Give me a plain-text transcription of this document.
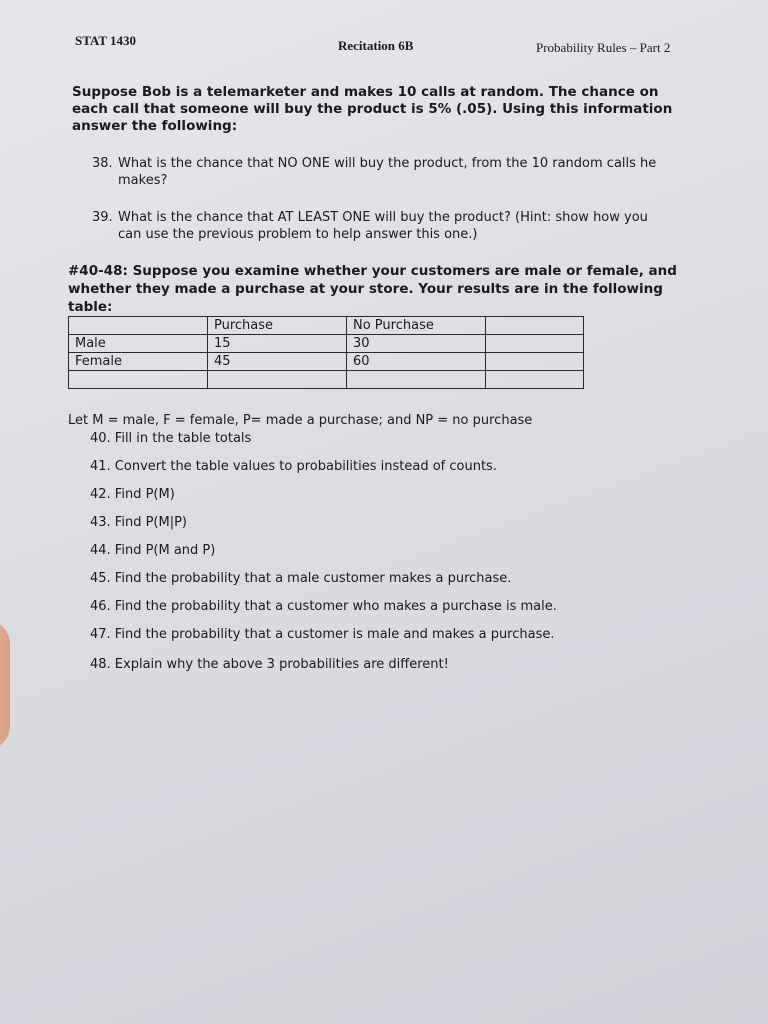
STAT 1430	Recitation 6B	Probability Rules – Part 2
Suppose Bob is a telemarketer and makes 10 calls at random. The chance on each call that someone will buy the product is 5% (.05). Using this information answer the following:
38. What is the chance that NO ONE will buy the product, from the 10 random calls he
makes?
39. What is the chance that AT LEAST ONE will buy the product? (Hint: show how you
can use the previous problem to help answer this one.)
#40-48: Suppose you examine whether your customers are male or female, and whether they made a purchase at your store. Your results are in the following table:
	Purchase	No Purchase	
Male	15	30	
Female	45	60	

Let M = male, F = female, P= made a purchase; and NP = no purchase
40. Fill in the table totals
41. Convert the table values to probabilities instead of counts.
42. Find P(M)
43. Find P(M|P)
44. Find P(M and P)
45. Find the probability that a male customer makes a purchase.
46. Find the probability that a customer who makes a purchase is male.
47. Find the probability that a customer is male and makes a purchase.
48. Explain why the above 3 probabilities are different!
